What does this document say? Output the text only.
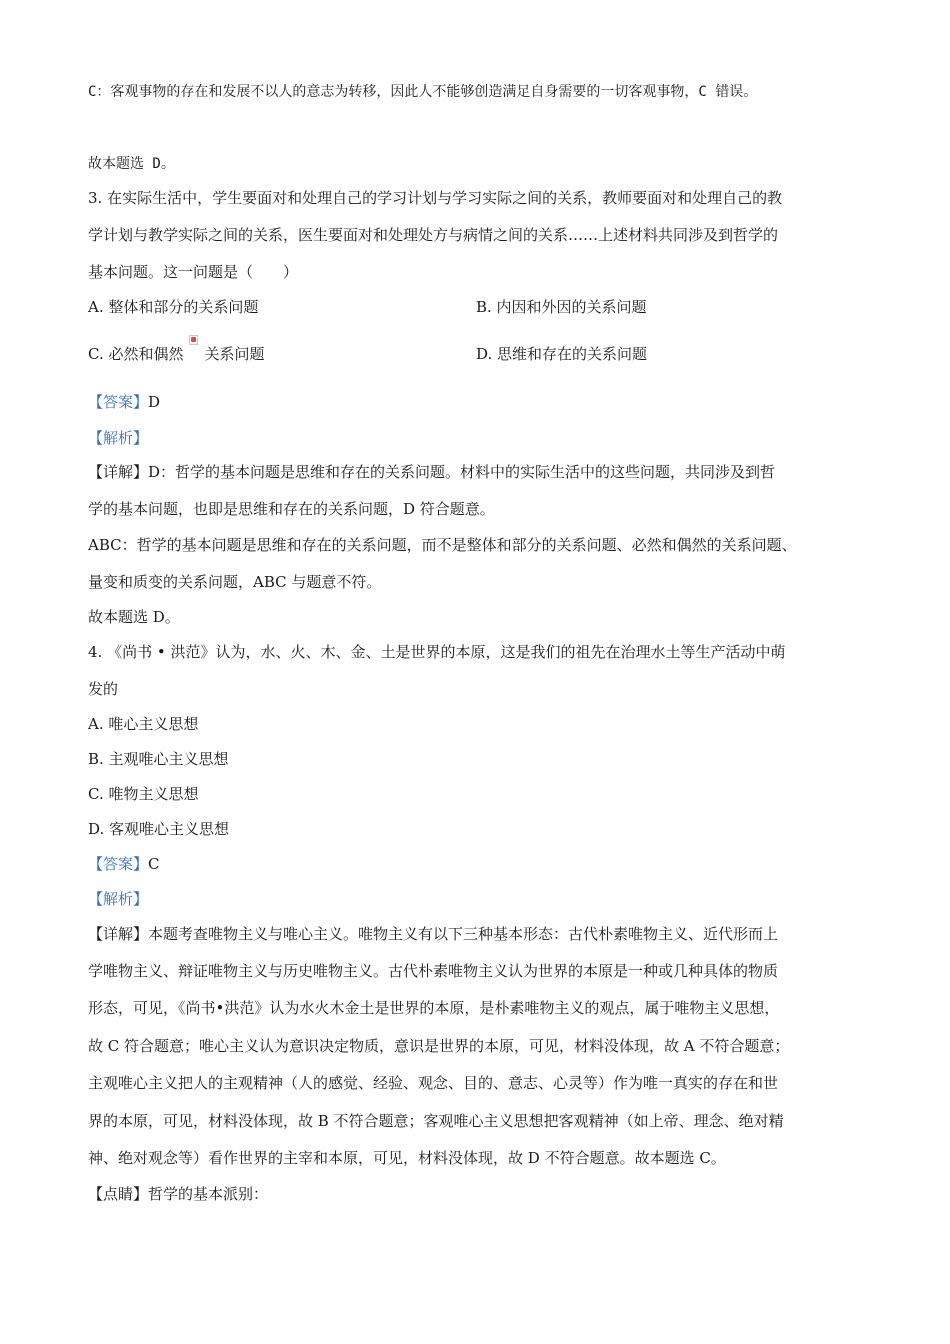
C：客观事物的存在和发展不以人的意志为转移，因此人不能够创造满足自身需要的一切客观事物，C 错误。
故本题选 D。
3. 在实际生活中，学生要面对和处理自己的学习计划与学习实际之间的关系，教师要面对和处理自己的教
学计划与教学实际之间的关系，医生要面对和处理处方与病情之间的关系……上述材料共同涉及到哲学的
基本问题。这一问题是（　　）
A. 整体和部分的关系问题	B. 内因和外因的关系问题
C. 必然和偶然 关系问题	D. 思维和存在的关系问题
【答案】D
【解析】
【详解】D：哲学的基本问题是思维和存在的关系问题。材料中的实际生活中的这些问题，共同涉及到哲
学的基本问题，也即是思维和存在的关系问题，D 符合题意。
ABC：哲学的基本问题是思维和存在的关系问题，而不是整体和部分的关系问题、必然和偶然的关系问题、
量变和质变的关系问题，ABC 与题意不符。
故本题选 D。
4. 《尚书 • 洪范》认为，水、火、木、金、土是世界的本原，这是我们的祖先在治理水土等生产活动中萌
发的
A. 唯心主义思想
B. 主观唯心主义思想
C. 唯物主义思想
D. 客观唯心主义思想
【答案】C
【解析】
【详解】本题考查唯物主义与唯心主义。唯物主义有以下三种基本形态：古代朴素唯物主义、近代形而上
学唯物主义、辩证唯物主义与历史唯物主义。古代朴素唯物主义认为世界的本原是一种或几种具体的物质
形态，可见，《尚书•洪范》认为水火木金土是世界的本原，是朴素唯物主义的观点，属于唯物主义思想，
故 C 符合题意；唯心主义认为意识决定物质，意识是世界的本原，可见，材料没体现，故 A 不符合题意；
主观唯心主义把人的主观精神（人的感觉、经验、观念、目的、意志、心灵等）作为唯一真实的存在和世
界的本原，可见，材料没体现，故 B 不符合题意；客观唯心主义思想把客观精神（如上帝、理念、绝对精
神、绝对观念等）看作世界的主宰和本原，可见，材料没体现，故 D 不符合题意。故本题选 C。
【点睛】哲学的基本派别：
